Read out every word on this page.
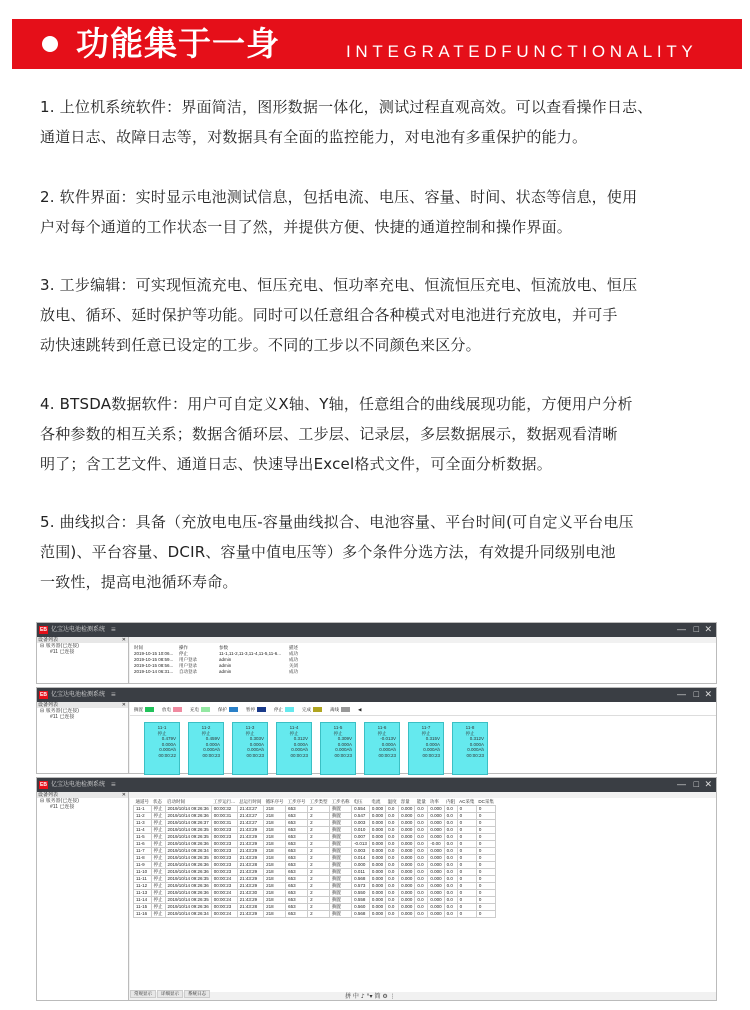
功能集于一身	INTEGRATEDFUNCTIONALITY
1. 上位机系统软件：界面简洁，图形数据一体化，测试过程直观高效。可以查看操作日志、
通道日志、故障日志等，对数据具有全面的监控能力，对电池有多重保护的能力。
2. 软件界面：实时显示电池测试信息，包括电流、电压、容量、时间、状态等信息，使用
户对每个通道的工作状态一目了然，并提供方便、快捷的通道控制和操作界面。
3. 工步编辑：可实现恒流充电、恒压充电、恒功率充电、恒流恒压充电、恒流放电、恒压
放电、循环、延时保护等功能。同时可以任意组合各种模式对电池进行充放电，并可手
动快速跳转到任意已设定的工步。不同的工步以不同颜色来区分。
4. BTSDA数据软件：用户可自定义X轴、Y轴，任意组合的曲线展现功能，方便用户分析
各种参数的相互关系；数据含循环层、工步层、记录层，多层数据展示，数据观看清晰
明了；含工艺文件、通道日志、快速导出Excel格式文件，可全面分析数据。
5. 曲线拟合：具备（充放电电压-容量曲线拟合、电池容量、平台时间(可自定义平台电压
范围)、平台容量、DCIR、容量中值电压等）多个条件分选方法，有效提升同级别电池
一致性，提高电池循环寿命。
EB 亿宝达电池检测系统 ≡	— □ ✕
设备列表	✕
⊟ 服务器(已连接)
#11 已连接
时间	操作	参数	描述
2019-10-15 10:06...	停止	11-1,11-2,11-3,11-4,11-5,11-6...	成功
2019-10-15 08:59...	用户登录	admin	成功
2019-10-15 08:56...	用户登录	admin	关闭
2019-10-14 06:31...	自动登录	admin	成功
EB 亿宝达电池检测系统 ≡	— □ ✕
设备列表	✕
⊟ 服务器(已连接)
#11 已连接
搁置	放电	充电	保护	暂停	停止	完成	离线	◀
11-1
停止
0.479V
0.000A
0.000Ah
00:00:22
11-2
停止
0.459V
0.000A
0.000Ah
00:00:23
11-3
停止
0.303V
0.000A
0.000Ah
00:00:23
11-4
停止
0.312V
0.000A
0.000Ah
00:00:23
11-5
停止
0.309V
0.000A
0.000Ah
00:00:23
11-6
停止
-0.013V
0.000A
0.000Ah
00:00:23
11-7
停止
0.315V
0.000A
0.000Ah
00:00:23
11-8
停止
0.312V
0.000A
0.000Ah
00:00:23
EB 亿宝达电池检测系统 ≡	— □ ✕
设备列表	✕
⊟ 服务器(已连接)
#11 已连接
通道号	状态	启动时间	工步运行...	总运行时间	循环序号	工步序号	工步类型	工步名称	电压	电流	温度	容量	能量	功率	内阻	AC采集	DC采集
11-1	停止	2019/10/14 09:26:36	00:00:32	21:43:27	218	653	2	搁置	0.554	0.000	0.0	0.000	0.0	0.000	0.0	0	0
11-2	停止	2019/10/14 09:26:36	00:00:31	21:43:27	218	653	2	搁置	0.547	0.000	0.0	0.000	0.0	0.000	0.0	0	0
11-3	停止	2019/10/14 09:26:37	00:00:31	21:43:27	218	653	2	搁置	0.003	0.000	0.0	0.000	0.0	0.000	0.0	0	0
11-4	停止	2019/10/14 09:26:35	00:00:23	21:43:29	218	653	2	搁置	0.010	0.000	0.0	0.000	0.0	0.000	0.0	0	0
11-5	停止	2019/10/14 09:26:35	00:00:23	21:43:29	218	653	2	搁置	0.007	0.000	0.0	0.000	0.0	0.000	0.0	0	0
11-6	停止	2019/10/14 09:26:36	00:00:23	21:43:29	218	653	2	搁置	-0.013	0.000	0.0	0.000	0.0	-0.00	0.0	0	0
11-7	停止	2019/10/14 09:26:34	00:00:23	21:43:29	218	653	2	搁置	0.003	0.000	0.0	0.000	0.0	0.000	0.0	0	0
11-8	停止	2019/10/14 09:26:35	00:00:23	21:43:29	218	653	2	搁置	0.014	0.000	0.0	0.000	0.0	0.000	0.0	0	0
11-9	停止	2019/10/14 09:26:36	00:00:23	21:43:28	218	653	2	搁置	0.000	0.000	0.0	0.000	0.0	0.000	0.0	0	0
11-10	停止	2019/10/14 09:26:36	00:00:23	21:43:29	218	653	2	搁置	0.011	0.000	0.0	0.000	0.0	0.000	0.0	0	0
11-11	停止	2019/10/14 09:26:35	00:00:24	21:43:29	218	653	2	搁置	0.568	0.000	0.0	0.000	0.0	0.000	0.0	0	0
11-12	停止	2019/10/14 09:26:36	00:00:23	21:43:29	218	653	2	搁置	0.573	0.000	0.0	0.000	0.0	0.000	0.0	0	0
11-13	停止	2019/10/14 09:26:36	00:00:24	21:43:30	218	653	2	搁置	0.550	0.000	0.0	0.000	0.0	0.000	0.0	0	0
11-14	停止	2019/10/14 09:26:35	00:00:24	21:43:29	218	653	2	搁置	0.558	0.000	0.0	0.000	0.0	0.000	0.0	0	0
11-15	停止	2019/10/14 09:26:36	00:00:23	21:43:28	218	653	2	搁置	0.560	0.000	0.0	0.000	0.0	0.000	0.0	0	0
11-16	停止	2019/10/14 09:26:34	00:00:24	21:43:29	218	653	2	搁置	0.568	0.000	0.0	0.000	0.0	0.000	0.0	0	0
常规显示 详细显示 系统日志	拼 中 ♪ °▾ 简 ⚙ ⋮
